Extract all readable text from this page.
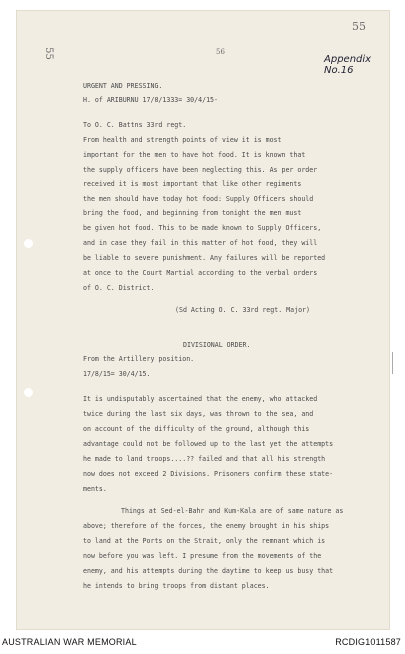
55
55	56
Appendix No.16
URGENT AND PRESSING.
H. of ARIBURNU 17/8/1333= 30/4/15-
To O. C. Battns 33rd regt.
From health and strength points of view it is most
important for the men to have hot food. It is known that
the supply officers have been neglecting this. As per order
received it is most important that like other regiments
the men should have today hot food: Supply Officers should
bring the food, and beginning from tonight the men must
be given hot food. This to be made known to Supply Officers,
and in case they fail in this matter of hot food, they will
be liable to severe punishment. Any failures will be reported
at once to the Court Martial according to the verbal orders
of O. C. District.
(Sd Acting O. C. 33rd regt. Major)
DIVISIONAL ORDER.
From the Artillery position.
17/8/15= 30/4/15.
It is undisputably ascertained that the enemy, who attacked
twice during the last six days, was thrown to the sea, and
on account of the difficulty of the ground, although this
advantage could not be followed up to the last yet the attempts
he made to land troops....?? failed and that all his strength
now does not exceed 2 Divisions. Prisoners confirm these state-
ments.
Things at Sed-el-Bahr and Kum-Kala are of same nature as
above; therefore of the forces, the enemy brought in his ships
to land at the Ports on the Strait, only the remnant which is
now before you was left. I presume from the movements of the
enemy, and his attempts during the daytime to keep us busy that
he intends to bring troops from distant places.
AUSTRALIAN WAR MEMORIAL	RCDIG1011587
